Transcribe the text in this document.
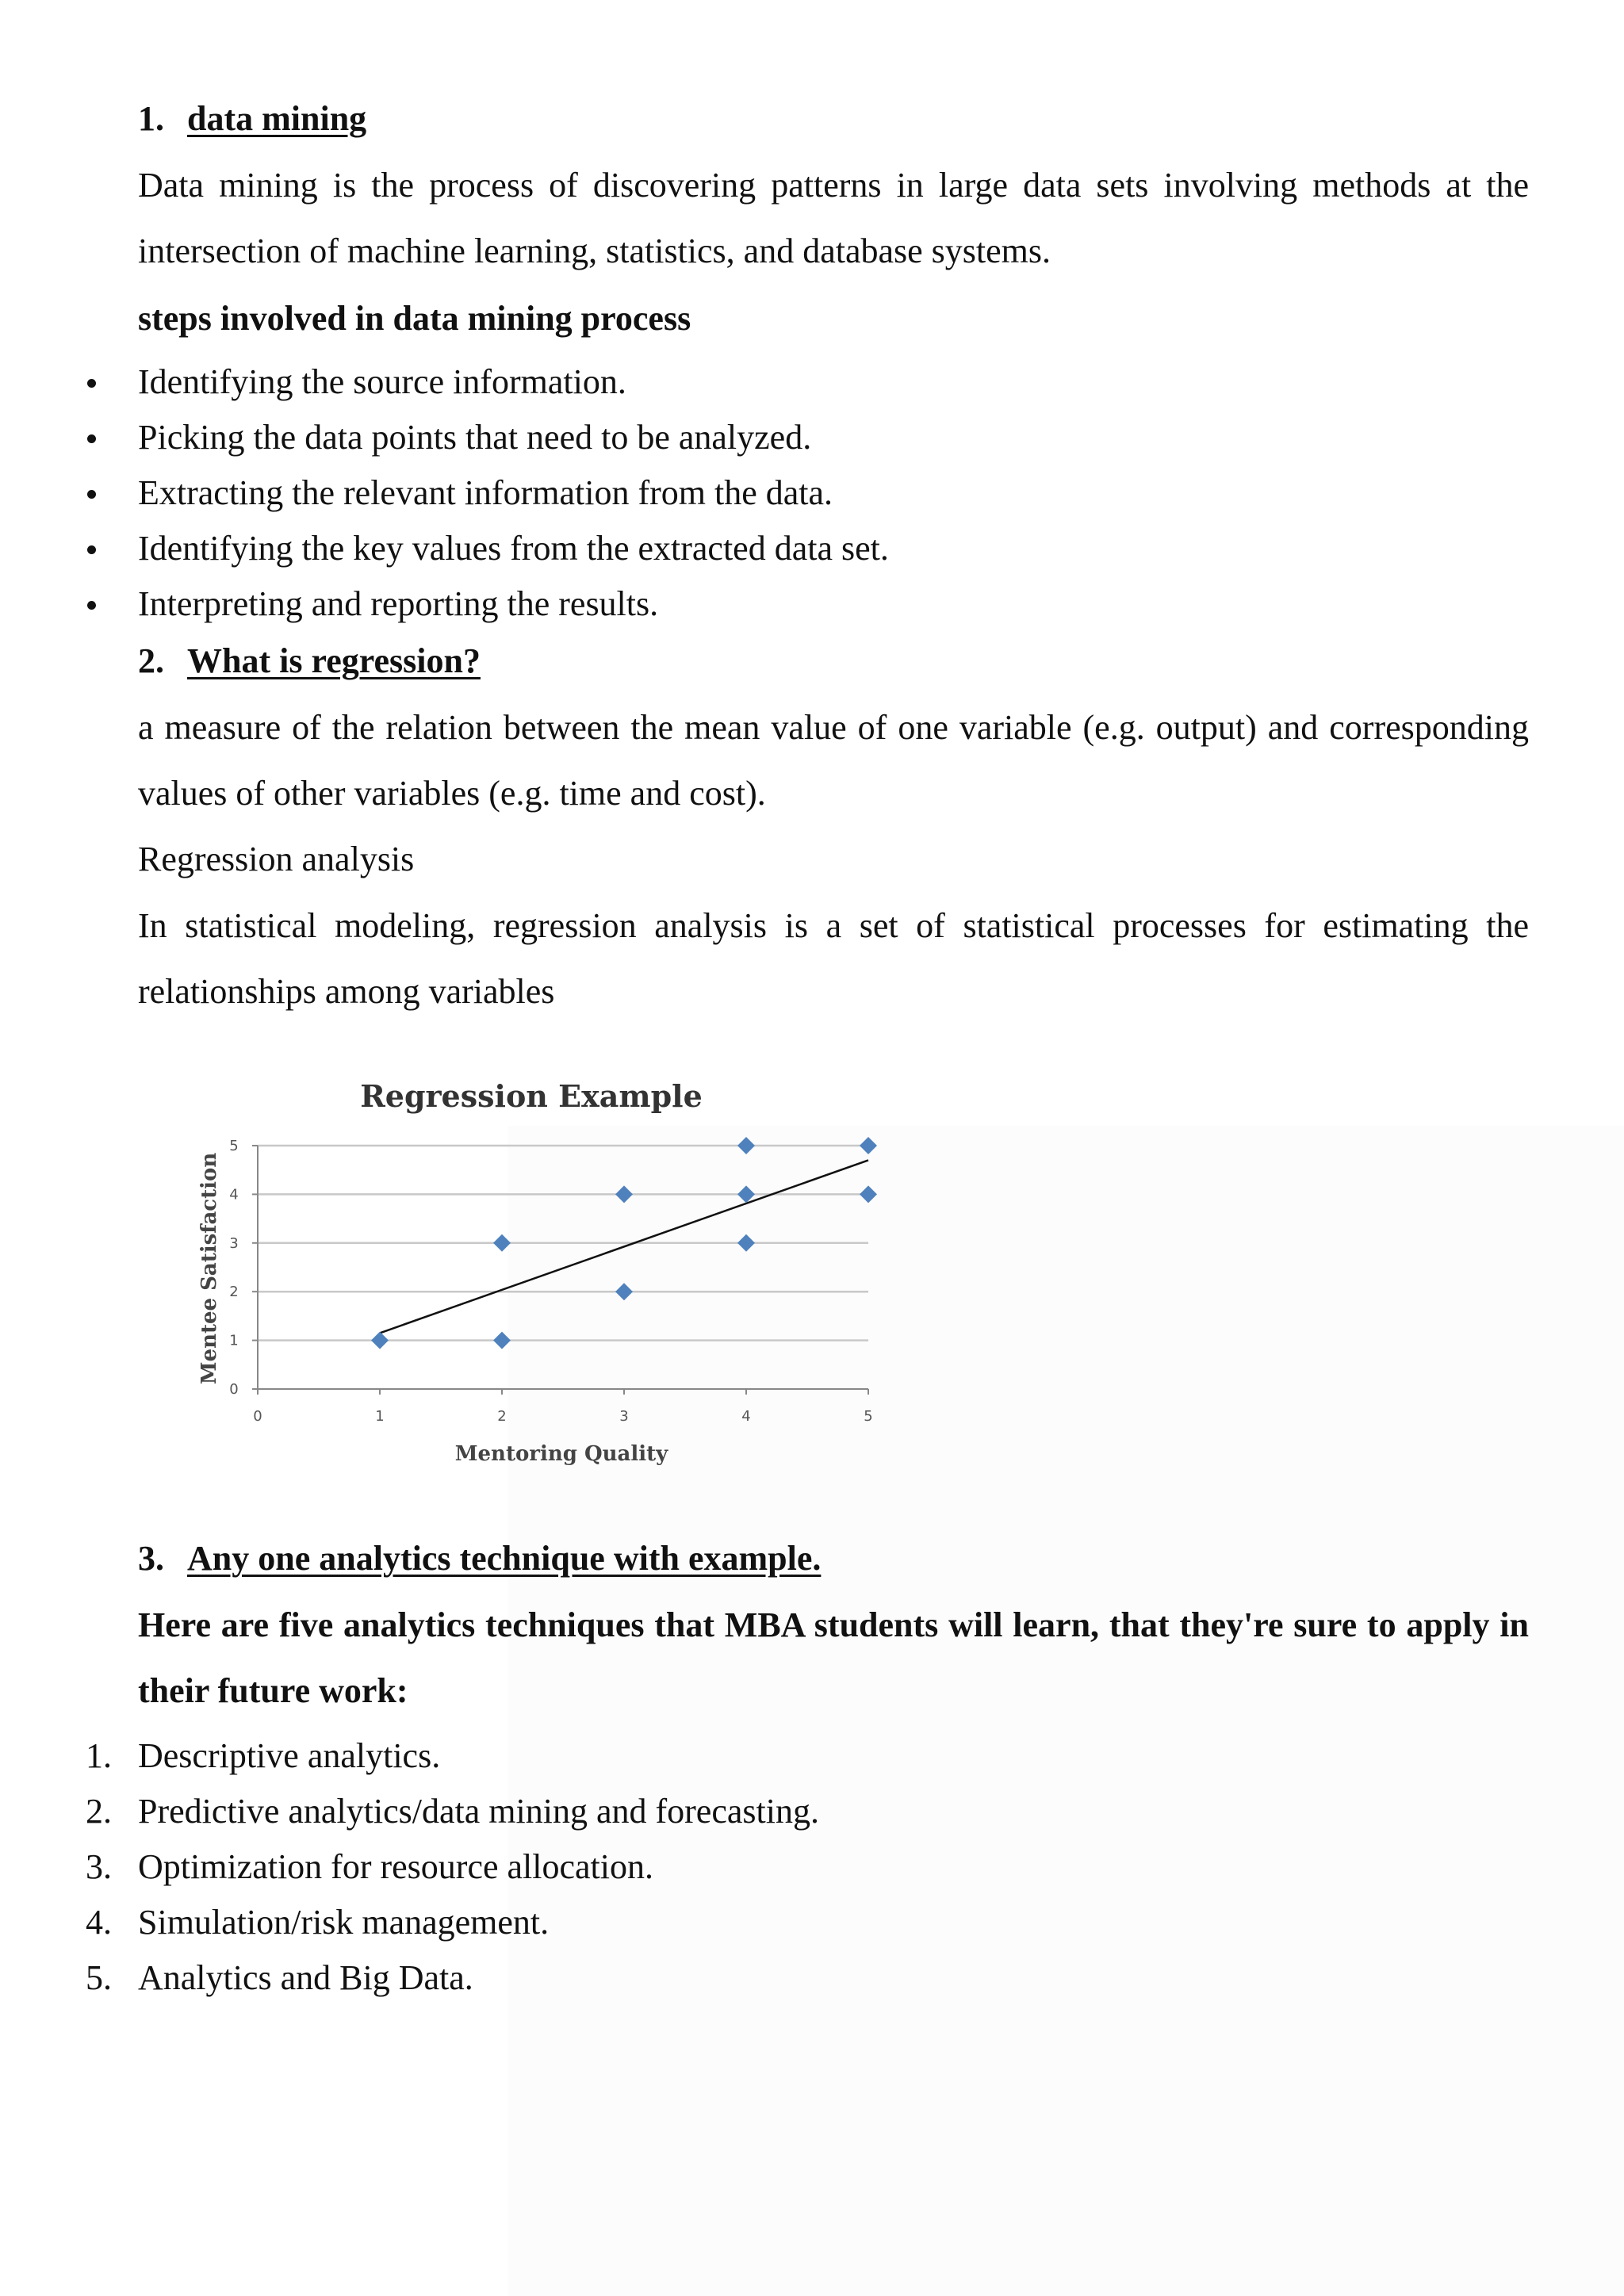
1. data mining
Data mining is the process of discovering patterns in large data sets involving methods at the intersection of machine learning, statistics, and database systems.
steps involved in data mining process
Identifying the source information.
Picking the data points that need to be analyzed.
Extracting the relevant information from the data.
Identifying the key values from the extracted data set.
Interpreting and reporting the results.
2. What is regression?
a measure of the relation between the mean value of one variable (e.g. output) and corresponding values of other variables (e.g. time and cost).
Regression analysis
In statistical modeling, regression analysis is a set of statistical processes for estimating the relationships among variables
Regression Example
0
1
2
3
4
5
0	1	2	3	4	5
Mentoring Quality
Mentee Satisfaction
3. Any one analytics technique with example.
Here are five analytics techniques that MBA students will learn, that they're sure to apply in their future work:
1. Descriptive analytics.
2. Predictive analytics/data mining and forecasting.
3. Optimization for resource allocation.
4. Simulation/risk management.
5. Analytics and Big Data.
